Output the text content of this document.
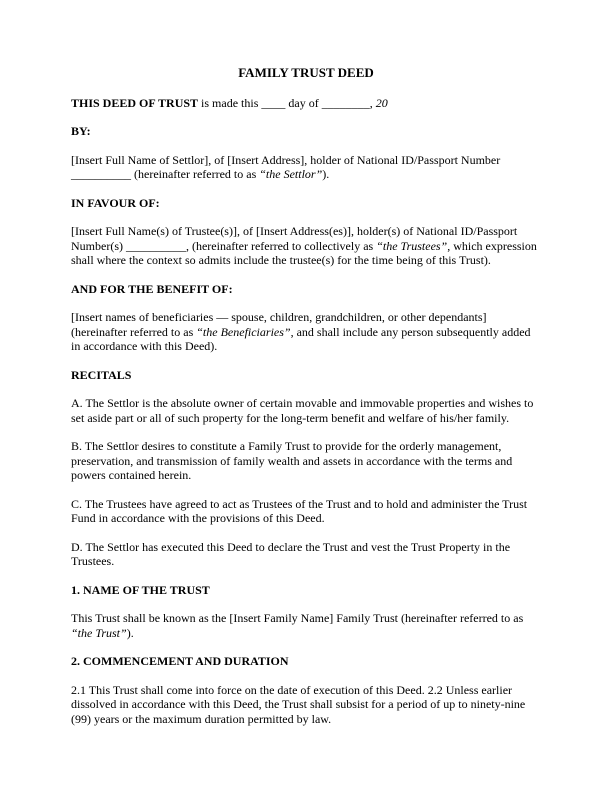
FAMILY TRUST DEED

THIS DEED OF TRUST is made this ____ day of ________, 20

BY:

[Insert Full Name of Settlor], of [Insert Address], holder of National ID/Passport Number __________ (hereinafter referred to as “the Settlor”).

IN FAVOUR OF:

[Insert Full Name(s) of Trustee(s)], of [Insert Address(es)], holder(s) of National ID/Passport Number(s) __________, (hereinafter referred to collectively as “the Trustees”, which expression shall where the context so admits include the trustee(s) for the time being of this Trust).

AND FOR THE BENEFIT OF:

[Insert names of beneficiaries — spouse, children, grandchildren, or other dependants] (hereinafter referred to as “the Beneficiaries”, and shall include any person subsequently added in accordance with this Deed).

RECITALS

A. The Settlor is the absolute owner of certain movable and immovable properties and wishes to set aside part or all of such property for the long-term benefit and welfare of his/her family.

B. The Settlor desires to constitute a Family Trust to provide for the orderly management, preservation, and transmission of family wealth and assets in accordance with the terms and powers contained herein.

C. The Trustees have agreed to act as Trustees of the Trust and to hold and administer the Trust Fund in accordance with the provisions of this Deed.

D. The Settlor has executed this Deed to declare the Trust and vest the Trust Property in the Trustees.

1. NAME OF THE TRUST

This Trust shall be known as the [Insert Family Name] Family Trust (hereinafter referred to as “the Trust”).

2. COMMENCEMENT AND DURATION

2.1 This Trust shall come into force on the date of execution of this Deed. 2.2 Unless earlier dissolved in accordance with this Deed, the Trust shall subsist for a period of up to ninety-nine (99) years or the maximum duration permitted by law.
